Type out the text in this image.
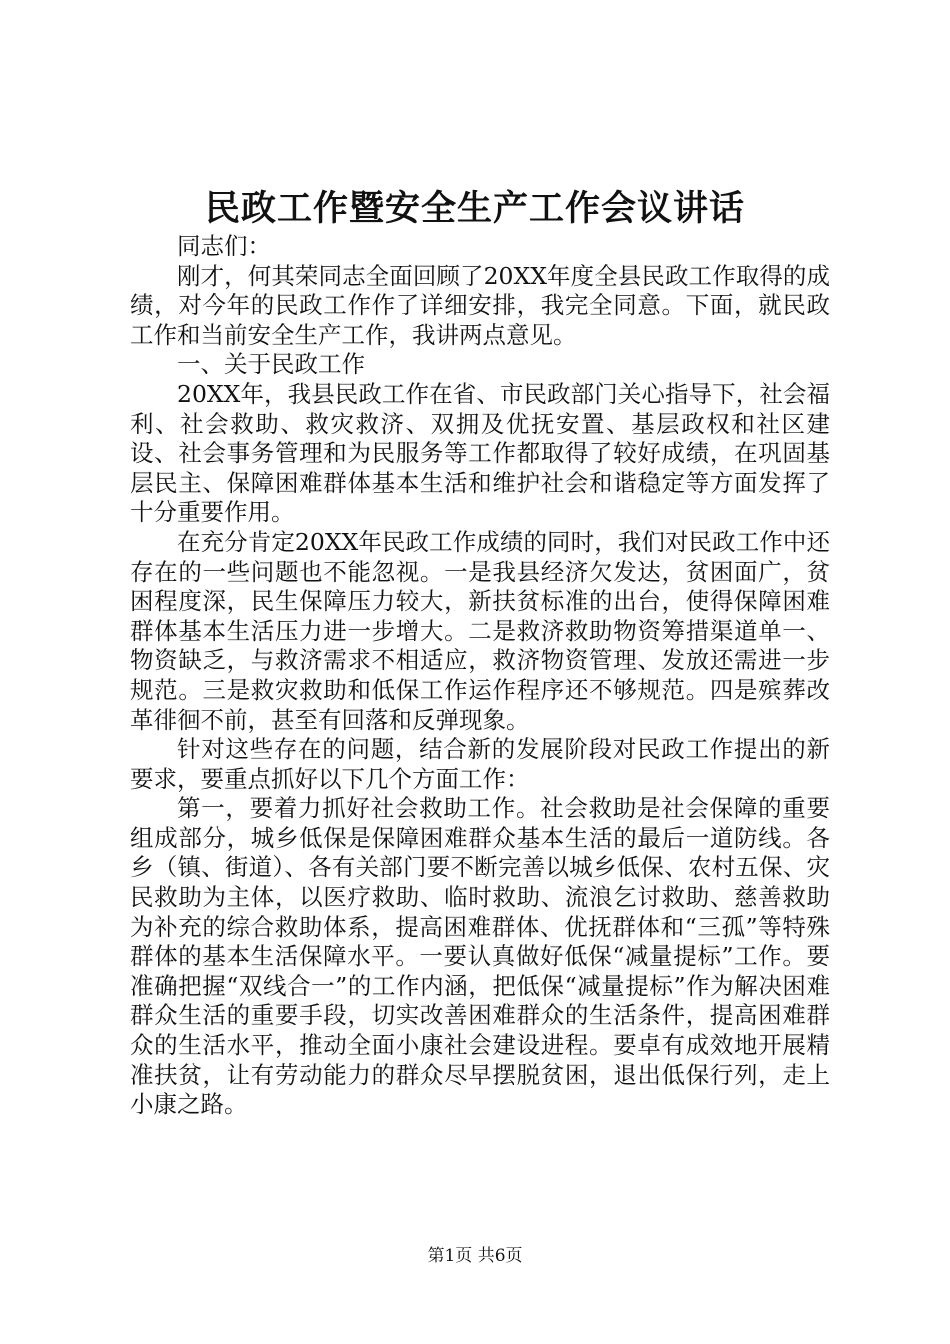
民政工作暨安全生产工作会议讲话

同志们：

刚才，何其荣同志全面回顾了20XX年度全县民政工作取得的成绩，对今年的民政工作作了详细安排，我完全同意。下面，就民政工作和当前安全生产工作，我讲两点意见。

一、关于民政工作

20XX年，我县民政工作在省、市民政部门关心指导下，社会福利、社会救助、救灾救济、双拥及优抚安置、基层政权和社区建设、社会事务管理和为民服务等工作都取得了较好成绩，在巩固基层民主、保障困难群体基本生活和维护社会和谐稳定等方面发挥了十分重要作用。

在充分肯定20XX年民政工作成绩的同时，我们对民政工作中还存在的一些问题也不能忽视。一是我县经济欠发达，贫困面广，贫困程度深，民生保障压力较大，新扶贫标准的出台，使得保障困难群体基本生活压力进一步增大。二是救济救助物资筹措渠道单一、物资缺乏，与救济需求不相适应，救济物资管理、发放还需进一步规范。三是救灾救助和低保工作运作程序还不够规范。四是殡葬改革徘徊不前，甚至有回落和反弹现象。

针对这些存在的问题，结合新的发展阶段对民政工作提出的新要求，要重点抓好以下几个方面工作：

第一，要着力抓好社会救助工作。社会救助是社会保障的重要组成部分，城乡低保是保障困难群众基本生活的最后一道防线。各乡（镇、街道）、各有关部门要不断完善以城乡低保、农村五保、灾民救助为主体，以医疗救助、临时救助、流浪乞讨救助、慈善救助为补充的综合救助体系，提高困难群体、优抚群体和“三孤”等特殊群体的基本生活保障水平。一要认真做好低保“减量提标”工作。要准确把握“双线合一”的工作内涵，把低保“减量提标”作为解决困难群众生活的重要手段，切实改善困难群众的生活条件，提高困难群众的生活水平，推动全面小康社会建设进程。要卓有成效地开展精准扶贫，让有劳动能力的群众尽早摆脱贫困，退出低保行列，走上小康之路。

第1页 共6页
